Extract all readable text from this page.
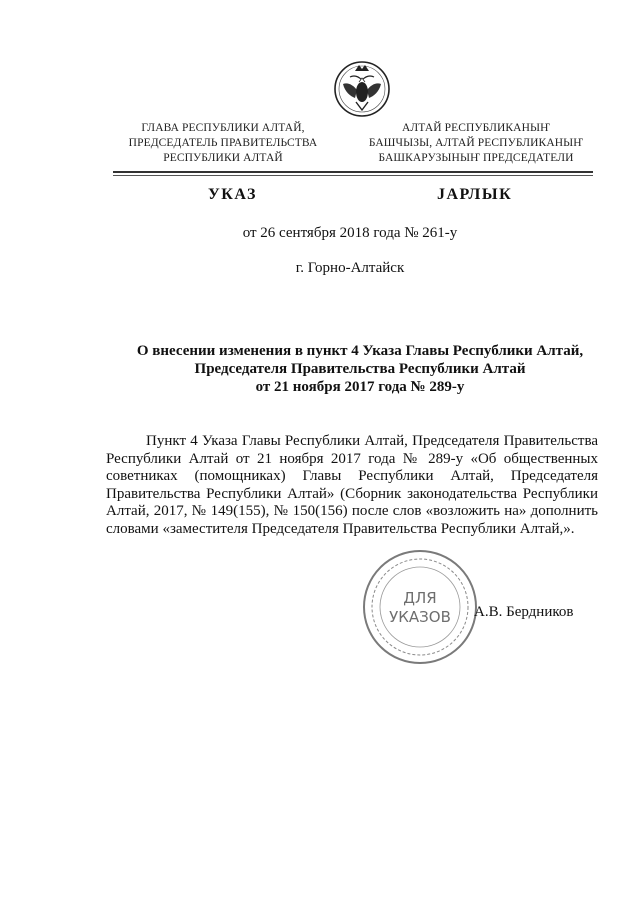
ГЛАВА РЕСПУБЛИКИ АЛТАЙ,
ПРЕДСЕДАТЕЛЬ ПРАВИТЕЛЬСТВА
РЕСПУБЛИКИ АЛТАЙ
АЛТАЙ РЕСПУБЛИКАНЫҤ
БАШЧЫЗЫ, АЛТАЙ РЕСПУБЛИКАНЫҤ
БАШКАРУЗЫНЫҤ ПРЕДСЕДАТЕЛИ
УКАЗ	JАРЛЫК
от 26 сентября 2018 года № 261-у
г. Горно-Алтайск
О внесении изменения в пункт 4 Указа Главы Республики Алтай,
Председателя Правительства Республики Алтай
от 21 ноября 2017 года № 289-у
Пункт 4 Указа Главы Республики Алтай, Председателя Правительства Республики Алтай от 21 ноября 2017 года № 289-у «Об общественных советниках (помощниках) Главы Республики Алтай, Председателя Правительства Республики Алтай» (Сборник законодательства Республики Алтай, 2017, № 149(155), № 150(156) после слов «возложить на» дополнить словами «заместителя Председателя Правительства Республики Алтай,».
ДЛЯ
УКАЗОВ А.В. Бердников
